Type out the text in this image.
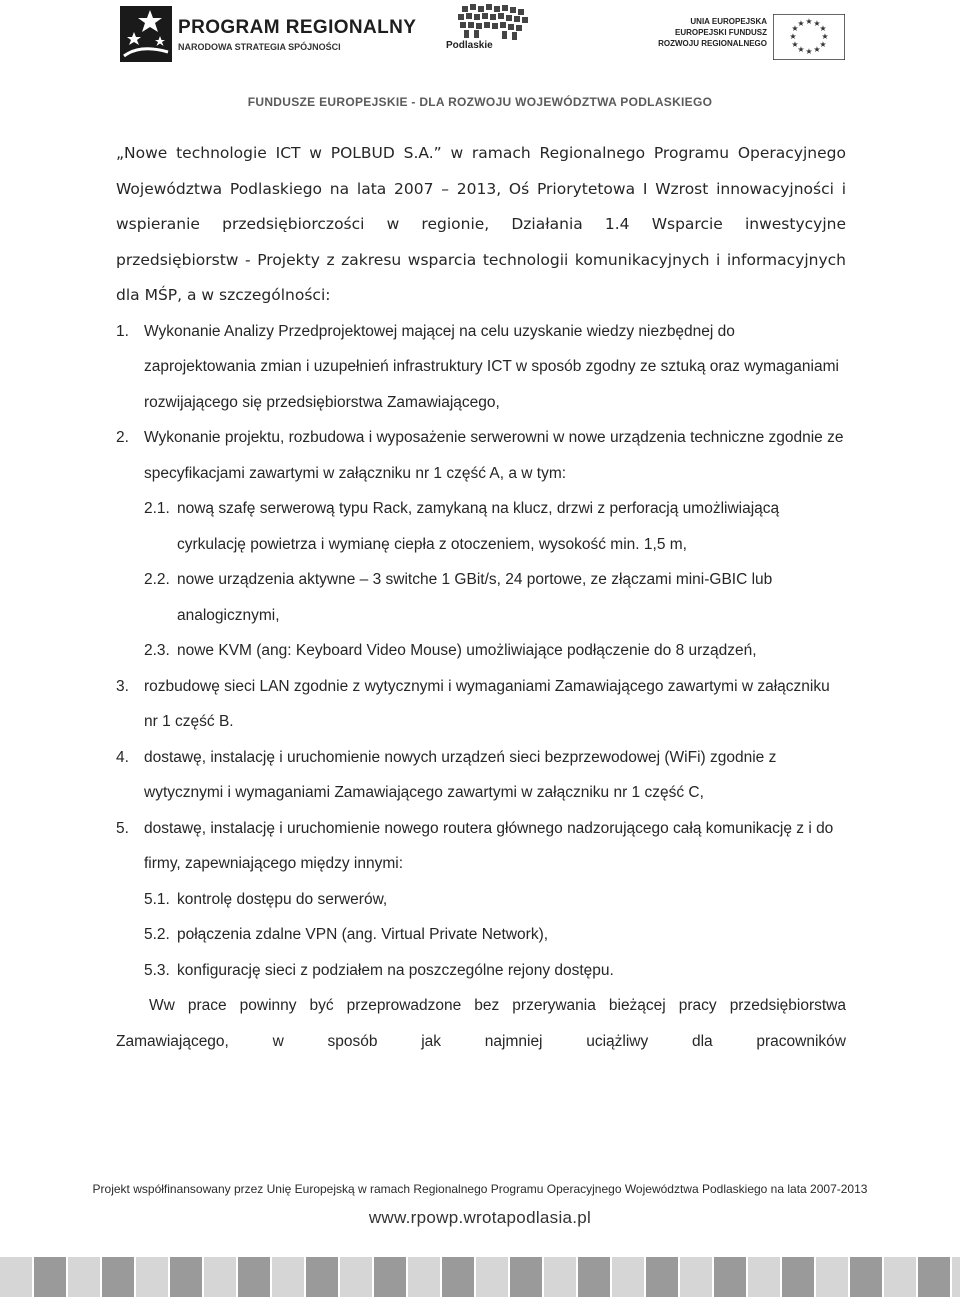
PROGRAM REGIONALNY
NARODOWA STRATEGIA SPÓJNOŚCI	Podlaskie
UNIA EUROPEJSKA
EUROPEJSKI FUNDUSZ
ROZWOJU REGIONALNEGO
★ ★
★
★
★
★
★
★
★
★
★
★
FUNDUSZE EUROPEJSKIE - DLA ROZWOJU WOJEWÓDZTWA PODLASKIEGO

„Nowe technologie ICT w POLBUD S.A.” w ramach Regionalnego Programu Operacyjnego Województwa Podlaskiego na lata 2007 – 2013, Oś Priorytetowa I Wzrost innowacyjności i wspieranie przedsiębiorczości w regionie, Działania 1.4 Wsparcie inwestycyjne przedsiębiorstw - Projekty z zakresu wsparcia technologii komunikacyjnych i informacyjnych dla MŚP, a w szczególności:

1. Wykonanie Analizy Przedprojektowej mającej na celu uzyskanie wiedzy niezbędnej do zaprojektowania zmian i uzupełnień infrastruktury ICT w sposób zgodny ze sztuką oraz wymaganiami rozwijającego się przedsiębiorstwa Zamawiającego,
2. Wykonanie projektu, rozbudowa i wyposażenie serwerowni w nowe urządzenia techniczne zgodnie ze specyfikacjami zawartymi w załączniku nr 1 część A, a w tym:
2.1. nową szafę serwerową typu Rack, zamykaną na klucz, drzwi z perforacją umożliwiającą cyrkulację powietrza i wymianę ciepła z otoczeniem, wysokość min. 1,5 m,
2.2. nowe urządzenia aktywne – 3 switche 1 GBit/s, 24 portowe, ze złączami mini-GBIC lub analogicznymi,
2.3. nowe KVM (ang: Keyboard Video Mouse) umożliwiające podłączenie do 8 urządzeń,
3. rozbudowę sieci LAN zgodnie z wytycznymi i wymaganiami Zamawiającego zawartymi w załączniku nr 1 część B.
4. dostawę, instalację i uruchomienie nowych urządzeń sieci bezprzewodowej (WiFi) zgodnie z wytycznymi i wymaganiami Zamawiającego zawartymi w załączniku nr 1 część C,
5. dostawę, instalację i uruchomienie nowego routera głównego nadzorującego całą komunikację z i do firmy, zapewniającego między innymi:
5.1. kontrolę dostępu do serwerów,
5.2. połączenia zdalne VPN (ang. Virtual Private Network),
5.3. konfigurację sieci z podziałem na poszczególne rejony dostępu.

Ww prace powinny być przeprowadzone bez przerywania bieżącej pracy przedsiębiorstwa Zamawiającego, w sposób jak najmniej uciążliwy dla pracowników

Projekt współfinansowany przez Unię Europejską w ramach Regionalnego Programu Operacyjnego Województwa Podlaskiego na lata 2007-2013
www.rpowp.wrotapodlasia.pl
